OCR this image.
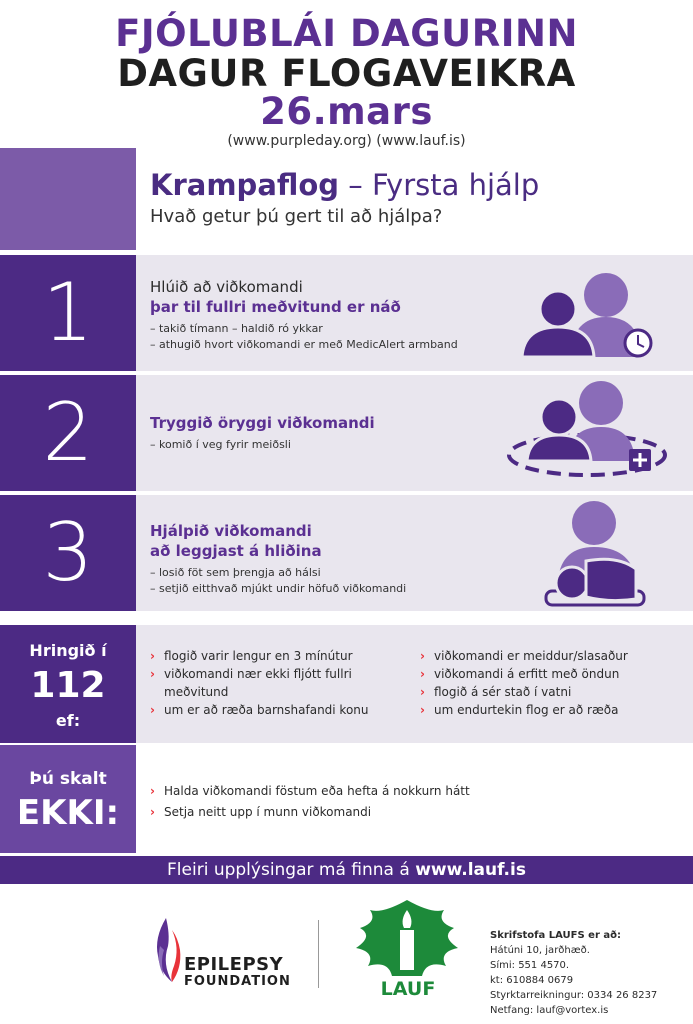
FJÓLUBLÁI DAGURINN
DAGUR FLOGAVEIKRA
26.mars
(www.purpleday.org) (www.lauf.is)
Krampaflog – Fyrsta hjálp
Hvað getur þú gert til að hjálpa?
1	Hlúið að viðkomandi
þar til fullri meðvitund er náð
– takið tímann – haldið ró ykkar
– athugið hvort viðkomandi er með MedicAlert armband
2	Tryggið öryggi viðkomandi
– komið í veg fyrir meiðsli
3	Hjálpið viðkomandi
að leggjast á hliðina
– losið föt sem þrengja að hálsi
– setjið eitthvað mjúkt undir höfuð viðkomandi
Hringið í
112
ef:
› flogið varir lengur en 3 mínútur
› viðkomandi nær ekki fljótt fullri meðvitund
› um er að ræða barnshafandi konu
› viðkomandi er meiddur/slasaður
› viðkomandi á erfitt með öndun
› flogið á sér stað í vatni
› um endurtekin flog er að ræða
Þú skalt
EKKI:
› Halda viðkomandi föstum eða hefta á nokkurn hátt
› Setja neitt upp í munn viðkomandi
Fleiri upplýsingar má finna á www.lauf.is
EPILEPSY
FOUNDATION	LAUF
Skrifstofa LAUFS er að:
Hátúni 10, jarðhæð.
Sími: 551 4570.
kt: 610884 0679
Styrktarreikningur: 0334 26 8237
Netfang: lauf@vortex.is
